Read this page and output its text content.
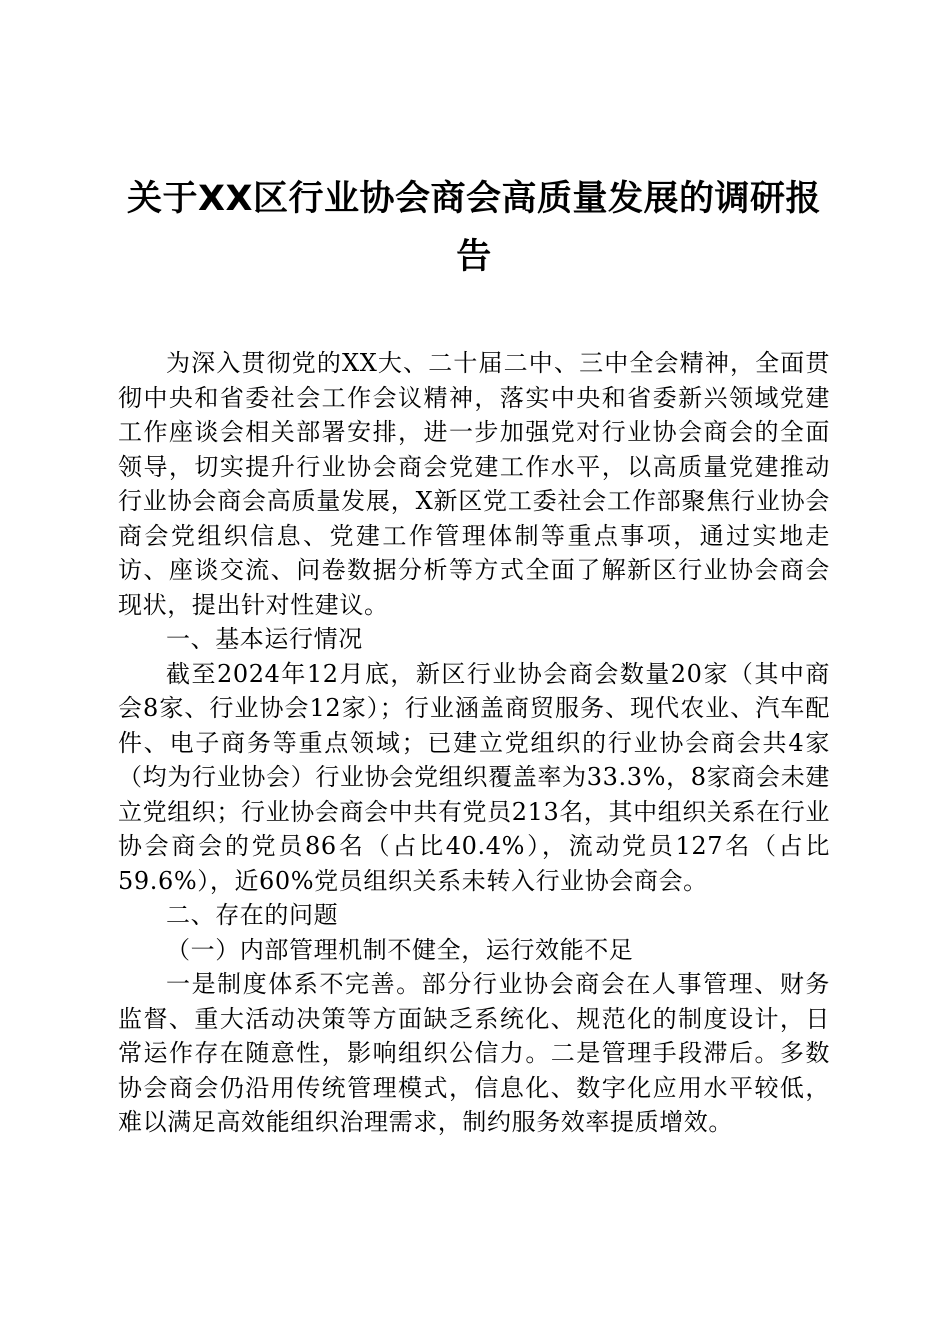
关于XX区行业协会商会高质量发展的调研报
告

为深入贯彻党的XX大、二十届二中、三中全会精神，全面贯彻中央和省委社会工作会议精神，落实中央和省委新兴领域党建工作座谈会相关部署安排，进一步加强党对行业协会商会的全面领导，切实提升行业协会商会党建工作水平，以高质量党建推动行业协会商会高质量发展，X新区党工委社会工作部聚焦行业协会商会党组织信息、党建工作管理体制等重点事项，通过实地走访、座谈交流、问卷数据分析等方式全面了解新区行业协会商会现状，提出针对性建议。

一、基本运行情况

截至2024年12月底，新区行业协会商会数量20家（其中商会8家、行业协会12家）；行业涵盖商贸服务、现代农业、汽车配件、电子商务等重点领域；已建立党组织的行业协会商会共4家（均为行业协会）行业协会党组织覆盖率为33.3%，8家商会未建立党组织；行业协会商会中共有党员213名，其中组织关系在行业协会商会的党员86名（占比40.4%），流动党员127名（占比59.6%），近60%党员组织关系未转入行业协会商会。

二、存在的问题

（一）内部管理机制不健全，运行效能不足

一是制度体系不完善。部分行业协会商会在人事管理、财务监督、重大活动决策等方面缺乏系统化、规范化的制度设计，日常运作存在随意性，影响组织公信力。二是管理手段滞后。多数协会商会仍沿用传统管理模式，信息化、数字化应用水平较低，难以满足高效能组织治理需求，制约服务效率提质增效。
